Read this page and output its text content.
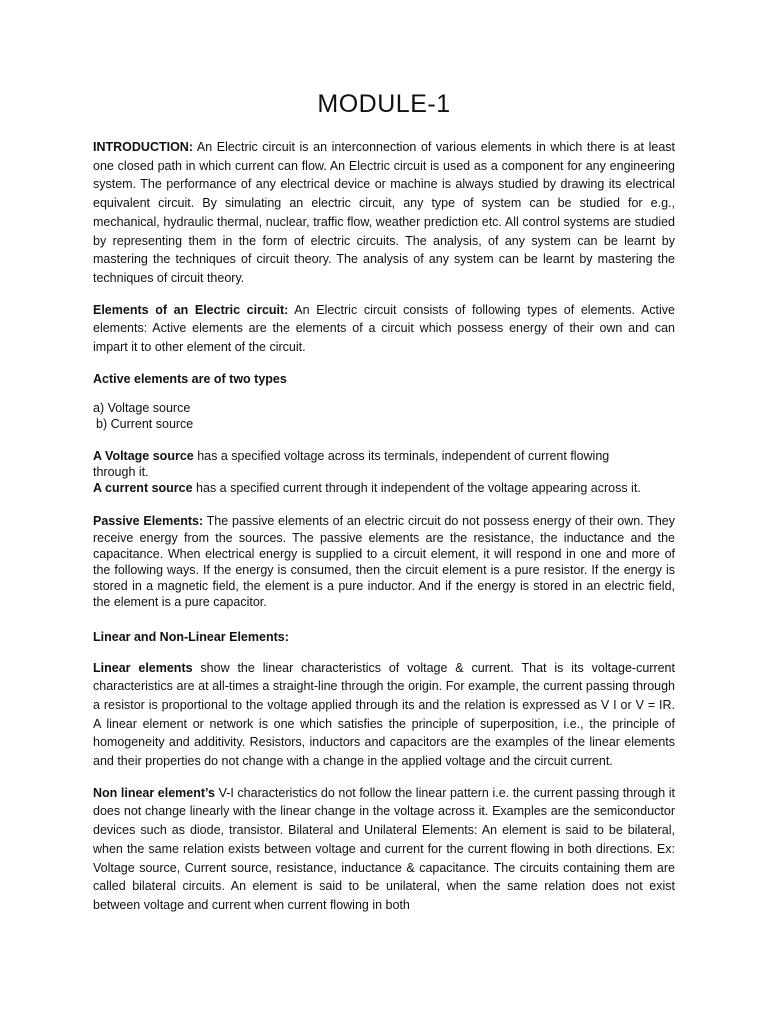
MODULE-1

INTRODUCTION: An Electric circuit is an interconnection of various elements in which there is at least one closed path in which current can flow. An Electric circuit is used as a component for any engineering system. The performance of any electrical device or machine is always studied by drawing its electrical equivalent circuit. By simulating an electric circuit, any type of system can be studied for e.g., mechanical, hydraulic thermal, nuclear, traffic flow, weather prediction etc. All control systems are studied by representing them in the form of electric circuits. The analysis, of any system can be learnt by mastering the techniques of circuit theory. The analysis of any system can be learnt by mastering the techniques of circuit theory.

Elements of an Electric circuit: An Electric circuit consists of following types of elements. Active elements: Active elements are the elements of a circuit which possess energy of their own and can impart it to other element of the circuit.

Active elements are of two types
a) Voltage source
b) Current source

A Voltage source has a specified voltage across its terminals, independent of current flowing through it.

A current source has a specified current through it independent of the voltage appearing across it.

Passive Elements: The passive elements of an electric circuit do not possess energy of their own. They receive energy from the sources. The passive elements are the resistance, the inductance and the capacitance. When electrical energy is supplied to a circuit element, it will respond in one and more of the following ways. If the energy is consumed, then the circuit element is a pure resistor. If the energy is stored in a magnetic field, the element is a pure inductor. And if the energy is stored in an electric field, the element is a pure capacitor.

Linear and Non-Linear Elements:

Linear elements show the linear characteristics of voltage & current. That is its voltage-current characteristics are at all-times a straight-line through the origin. For example, the current passing through a resistor is proportional to the voltage applied through its and the relation is expressed as V I or V = IR. A linear element or network is one which satisfies the principle of superposition, i.e., the principle of homogeneity and additivity. Resistors, inductors and capacitors are the examples of the linear elements and their properties do not change with a change in the applied voltage and the circuit current.

Non linear element’s V-I characteristics do not follow the linear pattern i.e. the current passing through it does not change linearly with the linear change in the voltage across it. Examples are the semiconductor devices such as diode, transistor. Bilateral and Unilateral Elements: An element is said to be bilateral, when the same relation exists between voltage and current for the current flowing in both directions. Ex: Voltage source, Current source, resistance, inductance & capacitance. The circuits containing them are called bilateral circuits. An element is said to be unilateral, when the same relation does not exist between voltage and current when current flowing in both
